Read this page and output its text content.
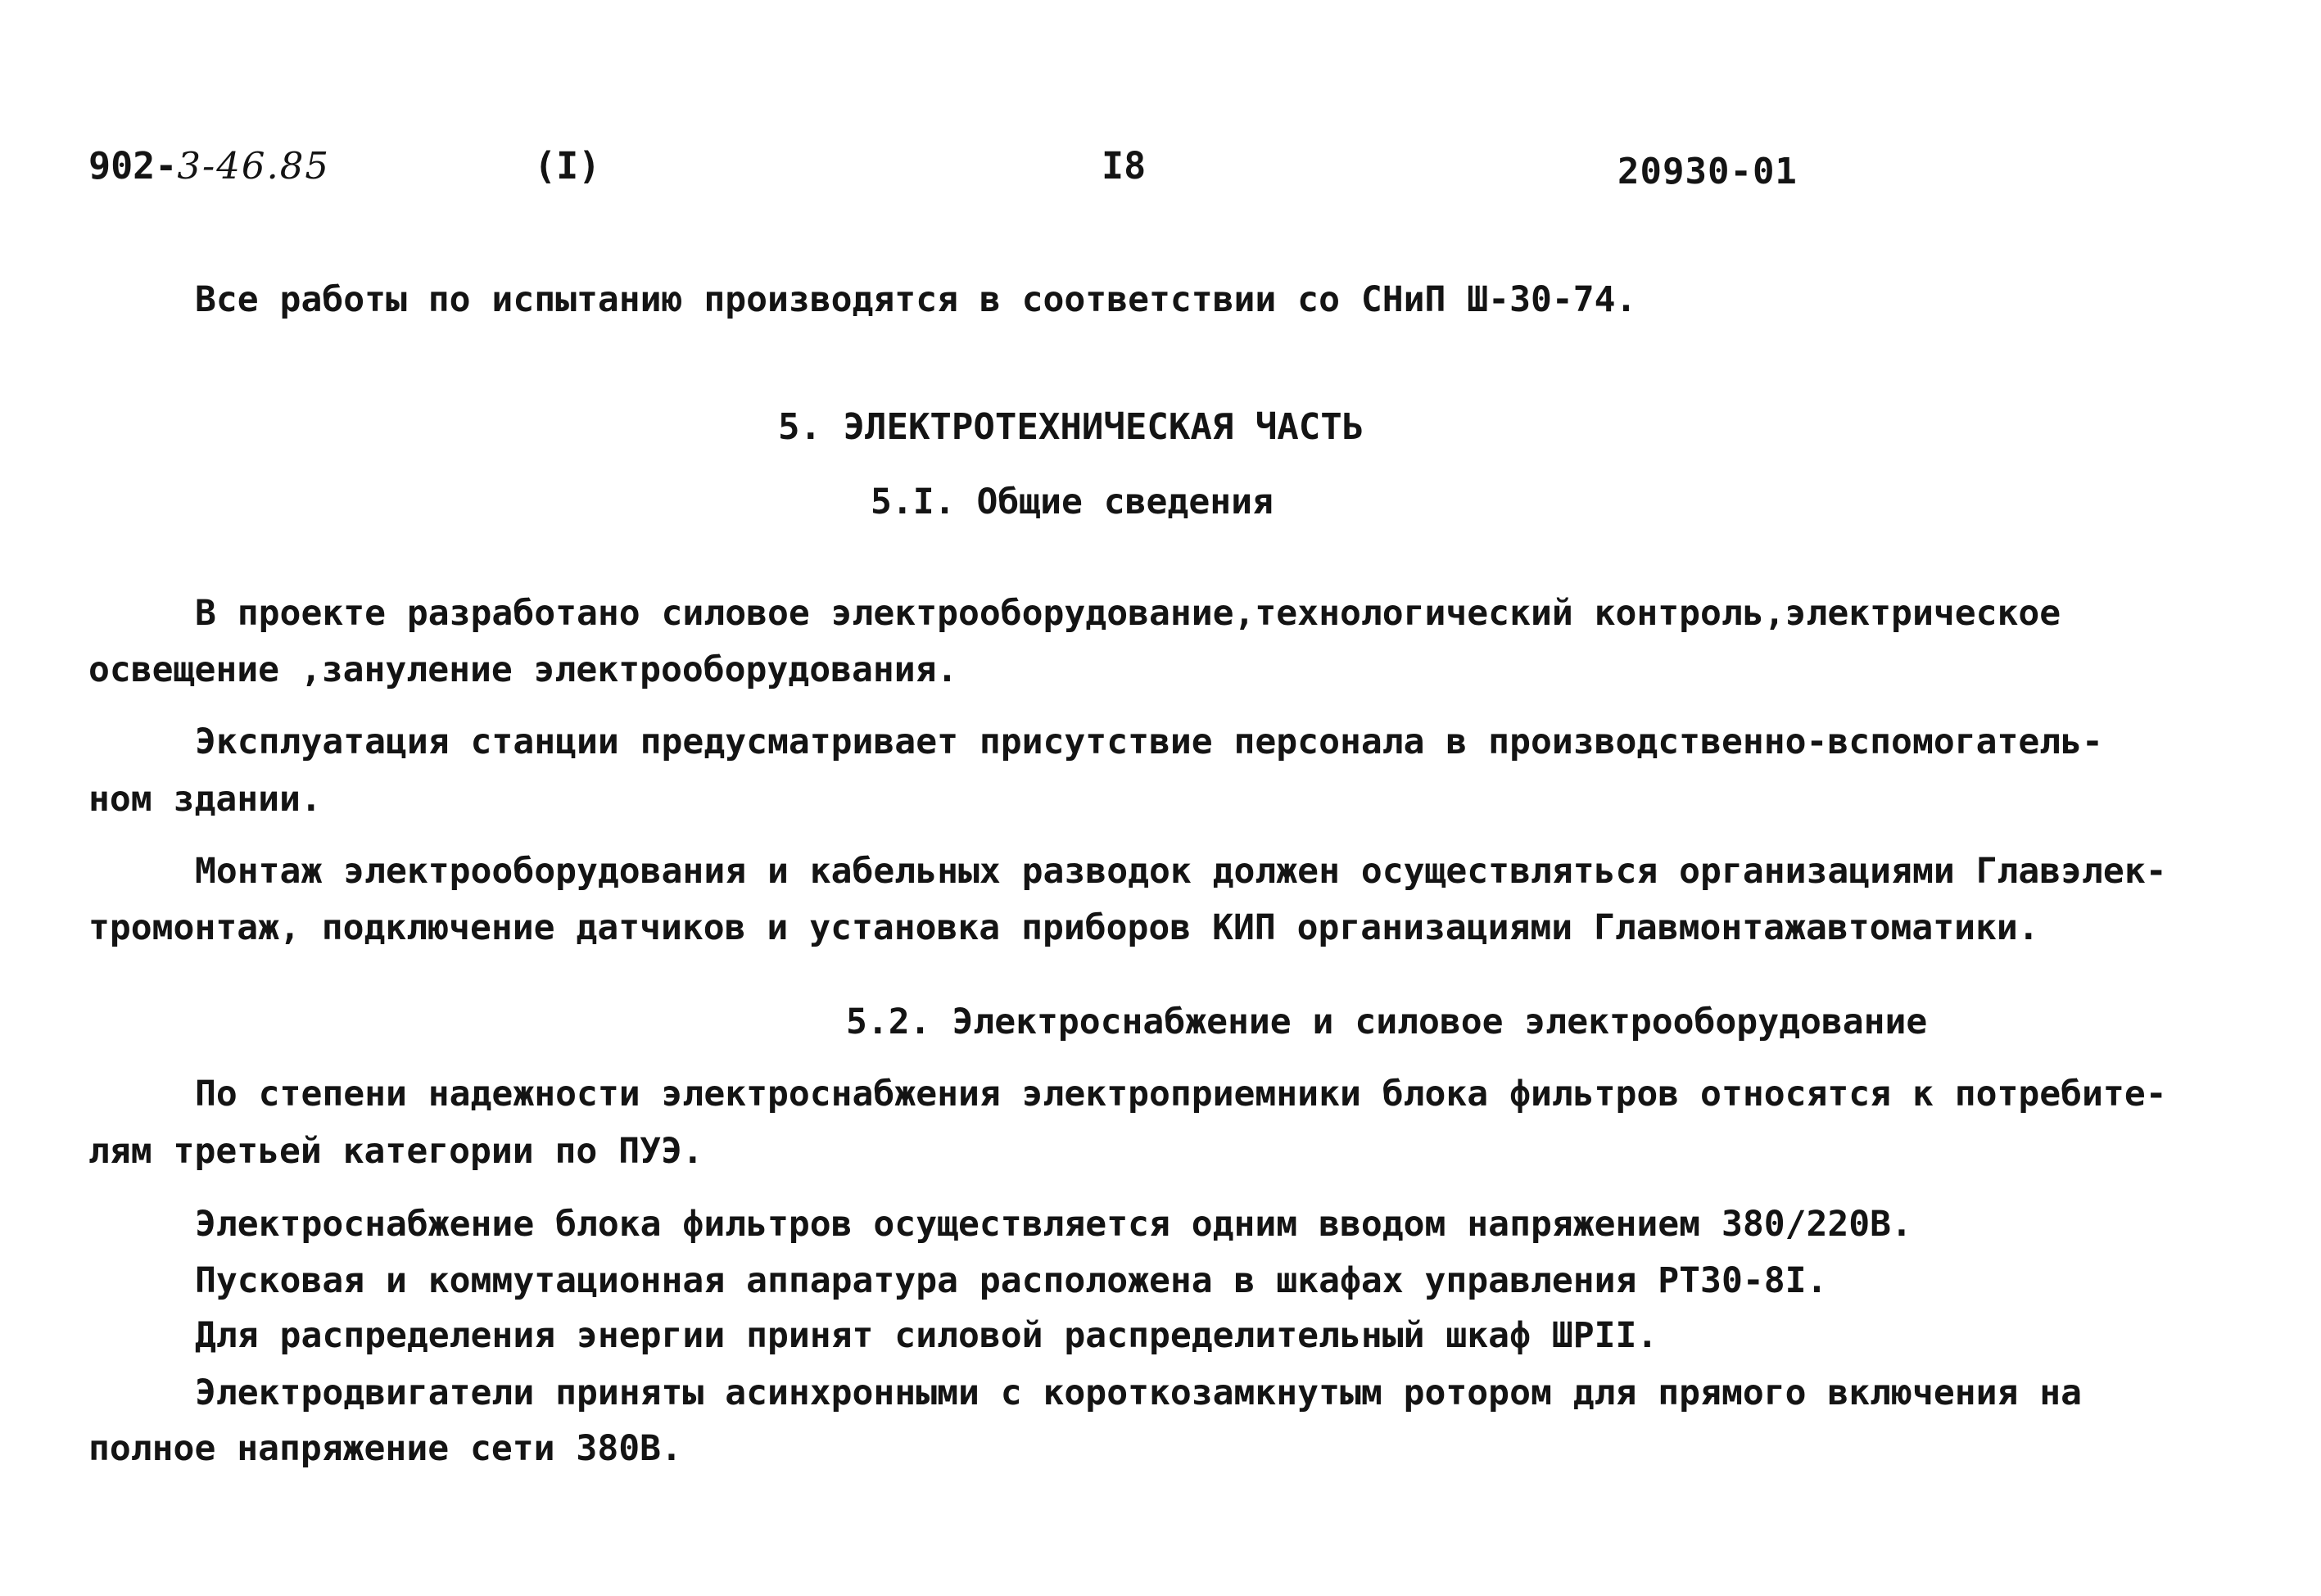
902-3-46.85	(I)	I8	20930-01
Все работы по испытанию производятся в соответствии со СНиП Ш-30-74.
5. ЭЛЕКТРОТЕХНИЧЕСКАЯ ЧАСТЬ
5.I. Общие сведения
В проекте разработано силовое электрооборудование,технологический контроль,электрическое
освещение ,зануление электрооборудования.
Эксплуатация станции предусматривает присутствие персонала в производственно-вспомогатель-
ном здании.
Монтаж электрооборудования и кабельных разводок должен осуществляться организациями Главэлек-
тромонтаж, подключение датчиков и установка приборов КИП организациями Главмонтажавтоматики.
5.2. Электроснабжение и силовое электрооборудование
По степени надежности электроснабжения электроприемники блока фильтров относятся к потребите-
лям третьей категории по ПУЭ.
Электроснабжение блока фильтров осуществляется одним вводом напряжением 380/220В.
Пусковая и коммутационная аппаратура расположена в шкафах управления РТ30-8I.
Для распределения энергии принят силовой распределительный шкаф ШРII.
Электродвигатели приняты асинхронными с короткозамкнутым ротором для прямого включения на
полное напряжение сети 380В.
